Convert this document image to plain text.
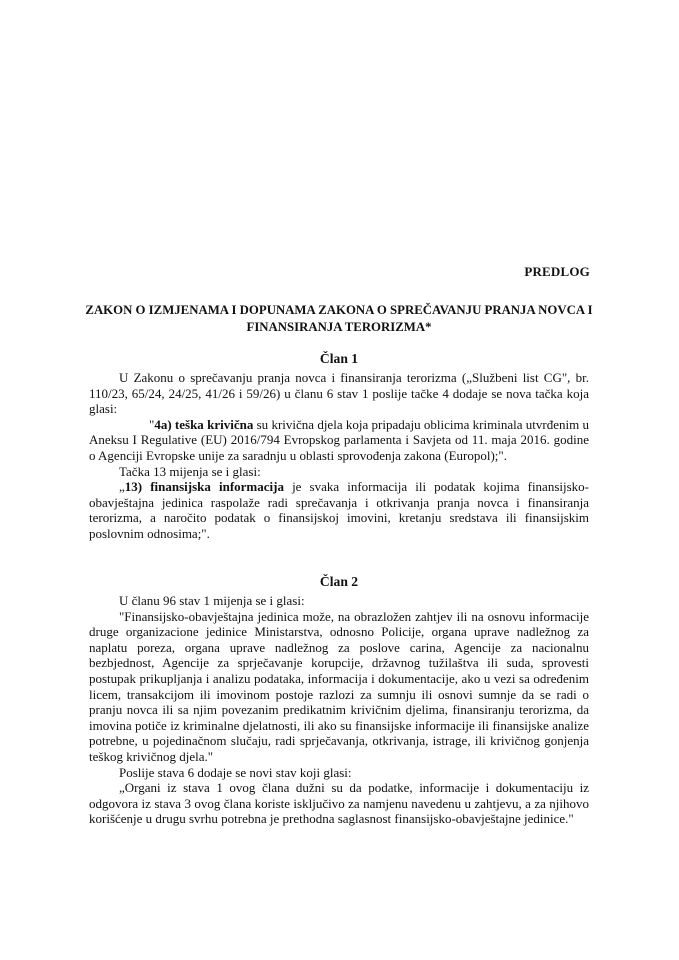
PREDLOG
ZAKON O IZMJENAMA I DOPUNAMA ZAKONA O SPREČAVANJU PRANJA NOVCA I
FINANSIRANJA TERORIZMA*
Član 1

U Zakonu o sprečavanju pranja novca i finansiranja terorizma („Službeni list CG", br. 110/23, 65/24, 24/25, 41/26 i 59/26) u članu 6 stav 1 poslije tačke 4 dodaje se nova tačka koja glasi:

"4a) teška krivična su krivična djela koja pripadaju oblicima kriminala utvrđenim u Aneksu I Regulative (EU) 2016/794 Evropskog parlamenta i Savjeta od 11. maja 2016. godine o Agenciji Evropske unije za saradnju u oblasti sprovođenja zakona (Europol);".

Tačka 13 mijenja se i glasi:

„13) finansijska informacija je svaka informacija ili podatak kojima finansijsko-obavještajna jedinica raspolaže radi sprečavanja i otkrivanja pranja novca i finansiranja terorizma, a naročito podatak o finansijskoj imovini, kretanju sredstava ili finansijskim poslovnim odnosima;".

Član 2

U članu 96 stav 1 mijenja se i glasi:

"Finansijsko-obavještajna jedinica može, na obrazložen zahtjev ili na osnovu informacije druge organizacione jedinice Ministarstva, odnosno Policije, organa uprave nadležnog za naplatu poreza, organa uprave nadležnog za poslove carina, Agencije za nacionalnu bezbjednost, Agencije za sprječavanje korupcije, državnog tužilaštva ili suda, sprovesti postupak prikupljanja i analizu podataka, informacija i dokumentacije, ako u vezi sa određenim licem, transakcijom ili imovinom postoje razlozi za sumnju ili osnovi sumnje da se radi o pranju novca ili sa njim povezanim predikatnim krivičnim djelima, finansiranju terorizma, da imovina potiče iz kriminalne djelatnosti, ili ako su finansijske informacije ili finansijske analize potrebne, u pojedinačnom slučaju, radi sprječavanja, otkrivanja, istrage, ili krivičnog gonjenja teškog krivičnog djela."

Poslije stava 6 dodaje se novi stav koji glasi:

„Organi iz stava 1 ovog člana dužni su da podatke, informacije i dokumentaciju iz odgovora iz stava 3 ovog člana koriste isključivo za namjenu navedenu u zahtjevu, a za njihovo korišćenje u drugu svrhu potrebna je prethodna saglasnost finansijsko-obavještajne jedinice."
